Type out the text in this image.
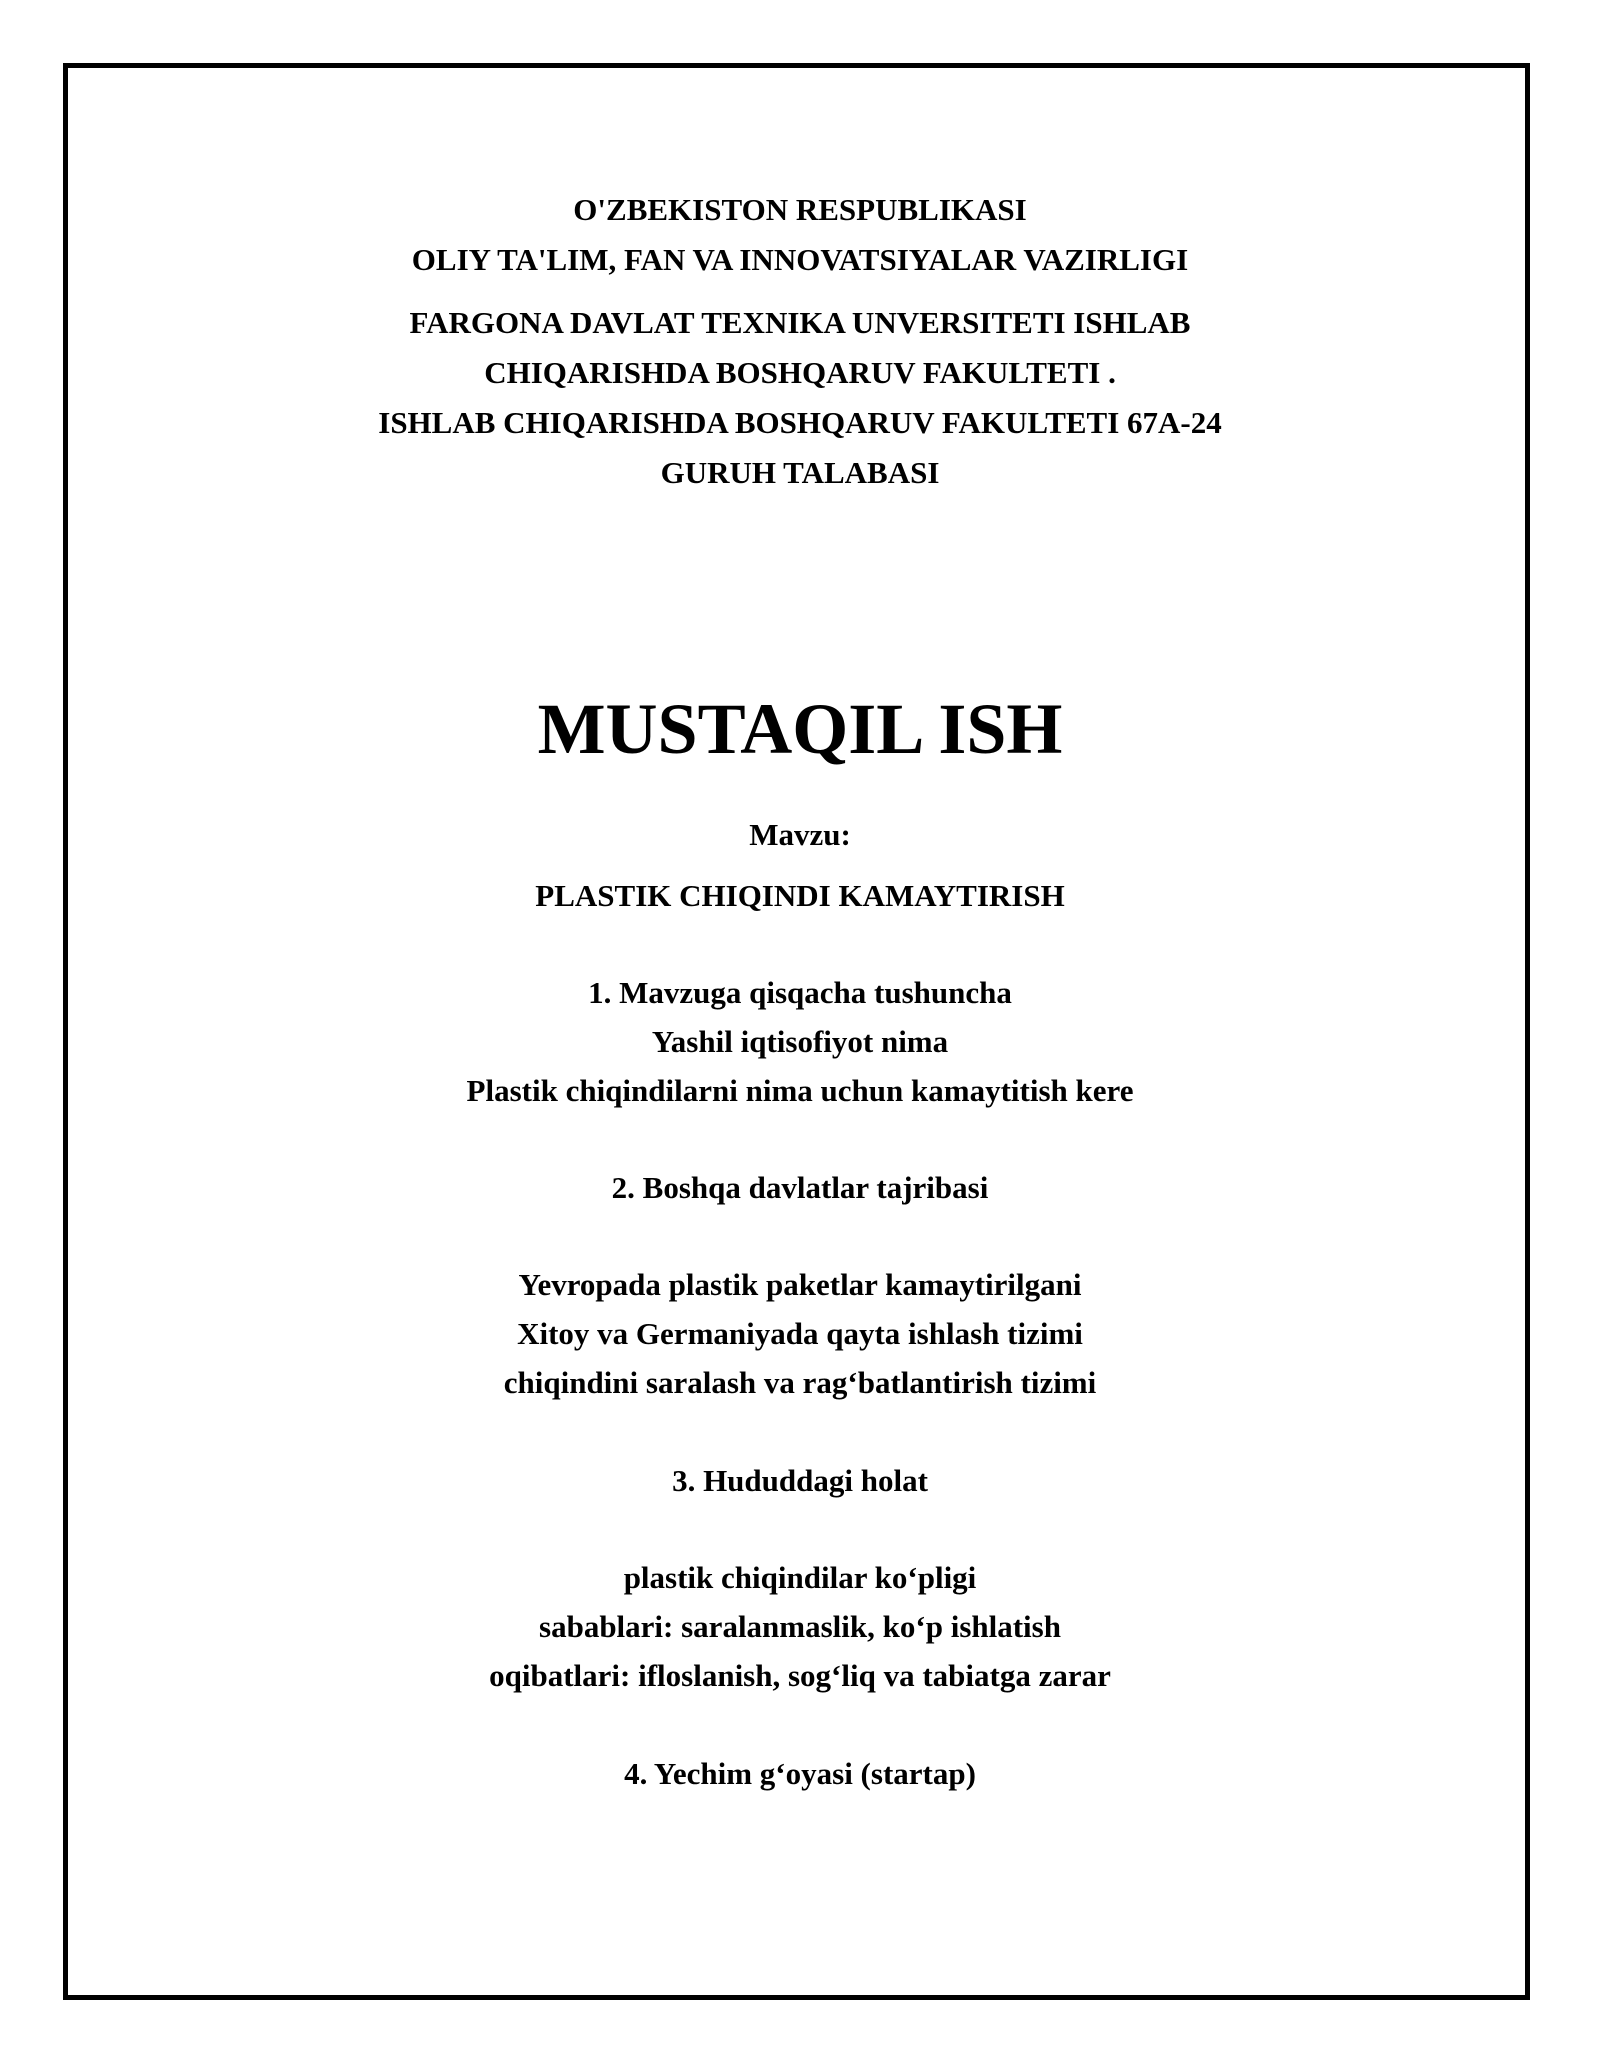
O'ZBEKISTON RESPUBLIKASI
OLIY TA'LIM, FAN VA INNOVATSIYALAR VAZIRLIGI
FARGONA DAVLAT TEXNIKA UNVERSITETI ISHLAB
CHIQARISHDA BOSHQARUV FAKULTETI .
ISHLAB CHIQARISHDA BOSHQARUV FAKULTETI 67A-24
GURUH TALABASI
MUSTAQIL ISH
Mavzu:
PLASTIK CHIQINDI KAMAYTIRISH
1. Mavzuga qisqacha tushuncha
Yashil iqtisofiyot nima
Plastik chiqindilarni nima uchun kamaytitish kere
2. Boshqa davlatlar tajribasi
Yevropada plastik paketlar kamaytirilgani
Xitoy va Germaniyada qayta ishlash tizimi
chiqindini saralash va rag‘batlantirish tizimi
3. Hududdagi holat
plastik chiqindilar ko‘pligi
sabablari: saralanmaslik, ko‘p ishlatish
oqibatlari: ifloslanish, sog‘liq va tabiatga zarar
4. Yechim g‘oyasi (startap)
